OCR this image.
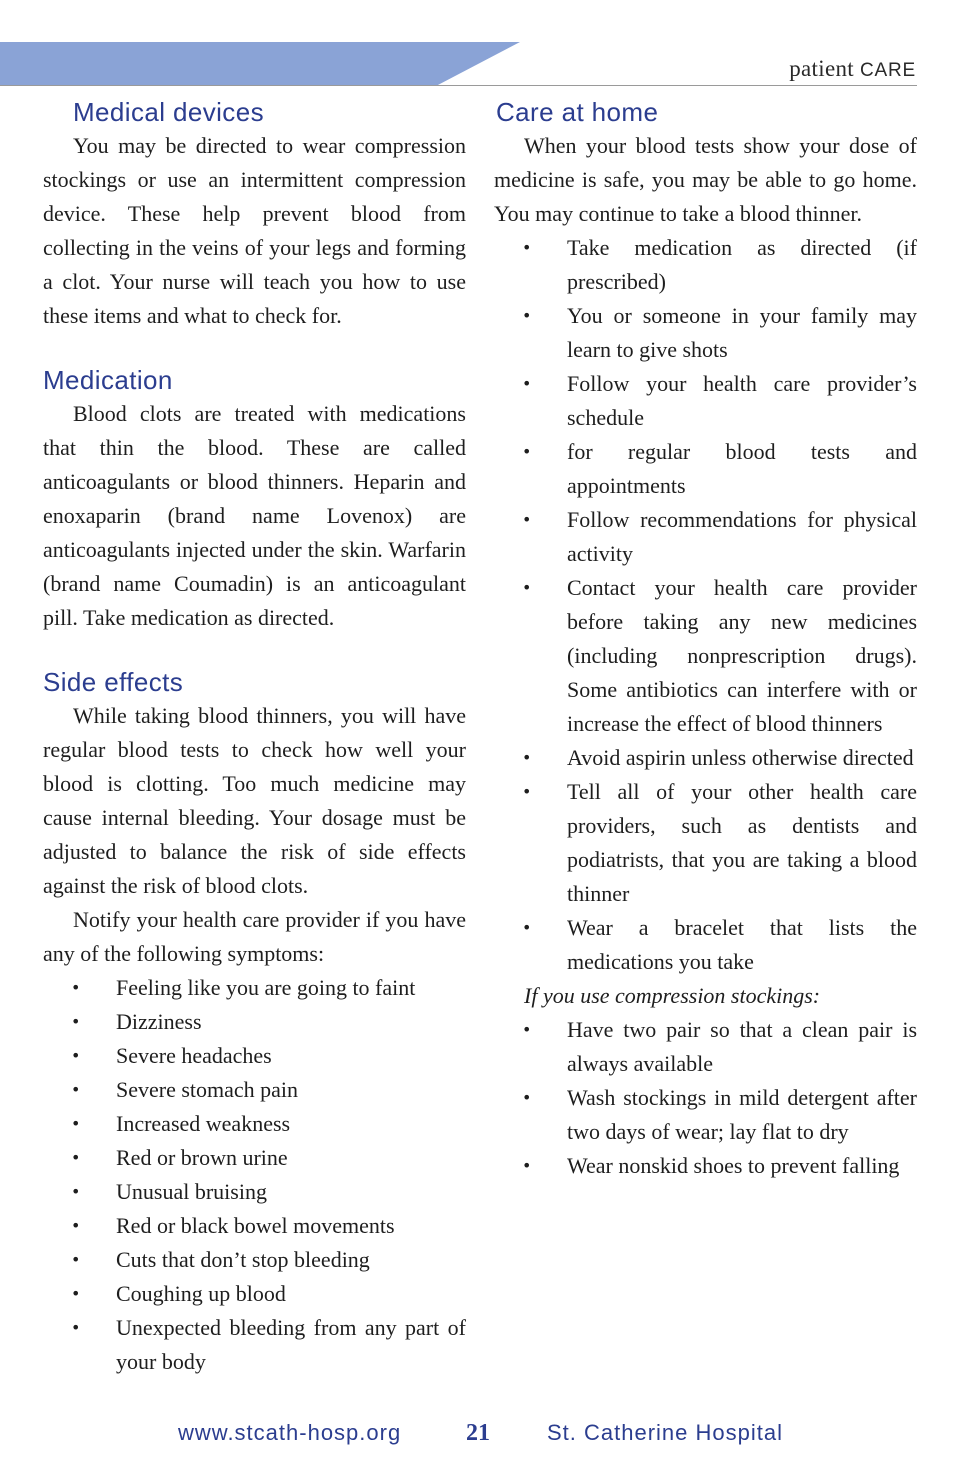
patient CARE
Medical devices

You may be directed to wear compression stockings or use an intermittent compression device. These help prevent blood from collecting in the veins of your legs and forming a clot. Your nurse will teach you how to use these items and what to check for.

Medication

Blood clots are treated with medications that thin the blood. These are called anticoagulants or blood thinners. Heparin and enoxaparin (brand name Lovenox) are anticoagulants injected under the skin. Warfarin (brand name Coumadin) is an anticoagulant pill. Take medication as directed.

Side effects

While taking blood thinners, you will have regular blood tests to check how well your blood is clotting. Too much medicine may cause internal bleeding. Your dosage must be adjusted to balance the risk of side effects against the risk of blood clots.

Notify your health care provider if you have any of the following symptoms:

• Feeling like you are going to faint
• Dizziness
• Severe headaches
• Severe stomach pain
• Increased weakness
• Red or brown urine
• Unusual bruising
• Red or black bowel movements
• Cuts that don’t stop bleeding
• Coughing up blood
• Unexpected bleeding from any part of your body
Care at home

When your blood tests show your dose of medicine is safe, you may be able to go home. You may continue to take a blood thinner.

• Take medication as directed (if prescribed)
• You or someone in your family may learn to give shots
• Follow your health care provider’s schedule
• for regular blood tests and appointments
• Follow recommendations for physical activity
• Contact your health care provider before taking any new medicines (including nonprescription drugs). Some antibiotics can interfere with or increase the effect of blood thinners
• Avoid aspirin unless otherwise directed
• Tell all of your other health care providers, such as dentists and podiatrists, that you are taking a blood thinner
• Wear a bracelet that lists the medications you take
If you use compression stockings:
• Have two pair so that a clean pair is always available
• Wash stockings in mild detergent after two days of wear; lay flat to dry
• Wear nonskid shoes to prevent falling
www.stcath-hosp.org	21	St. Catherine Hospital
